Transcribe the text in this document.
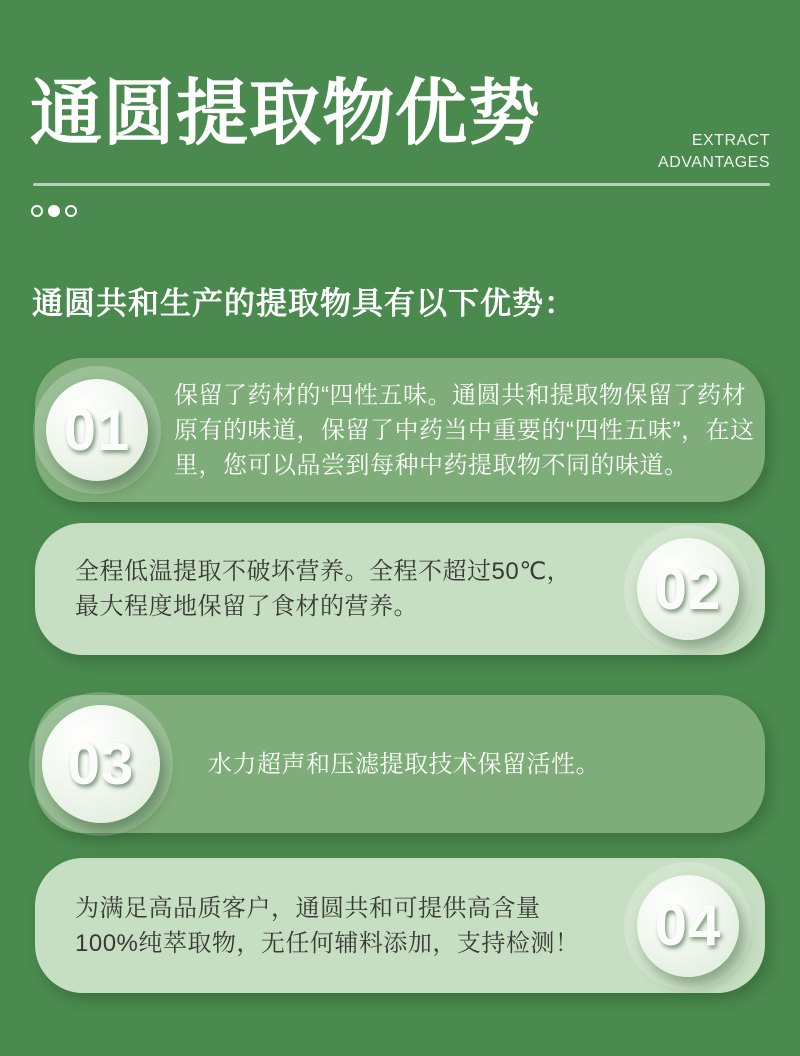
通圆提取物优势	EXTRACT
ADVANTAGES
通圆共和生产的提取物具有以下优势：
01
保留了药材的“四性五味。通圆共和提取物保留了药材原有的味道，保留了中药当中重要的“四性五味”，在这里，您可以品尝到每种中药提取物不同的味道。
02
全程低温提取不破坏营养。全程不超过50℃，最大程度地保留了食材的营养。
03	水力超声和压滤提取技术保留活性。
04
为满足高品质客户，通圆共和可提供高含量100%纯萃取物，无任何辅料添加，支持检测！
